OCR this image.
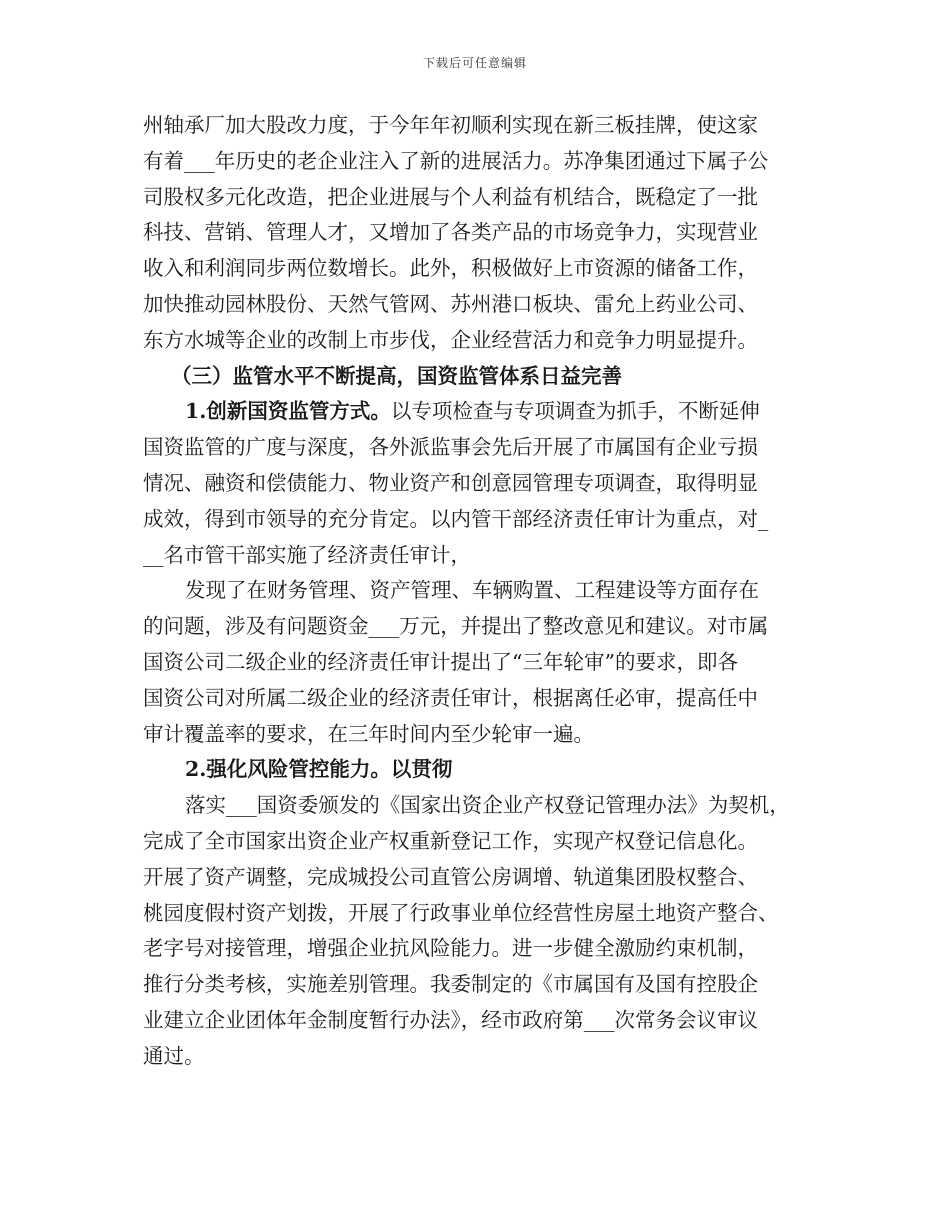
下载后可任意编辑
州轴承厂加大股改力度，于今年年初顺利实现在新三板挂牌，使这家
有着___年历史的老企业注入了新的进展活力。苏净集团通过下属子公
司股权多元化改造，把企业进展与个人利益有机结合，既稳定了一批
科技、营销、管理人才，又增加了各类产品的市场竞争力，实现营业
收入和利润同步两位数增长。此外，积极做好上市资源的储备工作，
加快推动园林股份、天然气管网、苏州港口板块、雷允上药业公司、
东方水城等企业的改制上市步伐，企业经营活力和竞争力明显提升。
（三）监管水平不断提高，国资监管体系日益完善
1.创新国资监管方式。以专项检查与专项调查为抓手，不断延伸
国资监管的广度与深度，各外派监事会先后开展了市属国有企业亏损
情况、融资和偿债能力、物业资产和创意园管理专项调查，取得明显
成效，得到市领导的充分肯定。以内管干部经济责任审计为重点，对_
__名市管干部实施了经济责任审计，
发现了在财务管理、资产管理、车辆购置、工程建设等方面存在
的问题，涉及有问题资金___万元，并提出了整改意见和建议。对市属
国资公司二级企业的经济责任审计提出了“三年轮审”的要求，即各
国资公司对所属二级企业的经济责任审计，根据离任必审，提高任中
审计覆盖率的要求，在三年时间内至少轮审一遍。
2.强化风险管控能力。以贯彻
落实___国资委颁发的《国家出资企业产权登记管理办法》为契机，
完成了全市国家出资企业产权重新登记工作，实现产权登记信息化。
开展了资产调整，完成城投公司直管公房调增、轨道集团股权整合、
桃园度假村资产划拨，开展了行政事业单位经营性房屋土地资产整合、
老字号对接管理，增强企业抗风险能力。进一步健全激励约束机制，
推行分类考核，实施差别管理。我委制定的《市属国有及国有控股企
业建立企业团体年金制度暂行办法》，经市政府第___次常务会议审议
通过。
